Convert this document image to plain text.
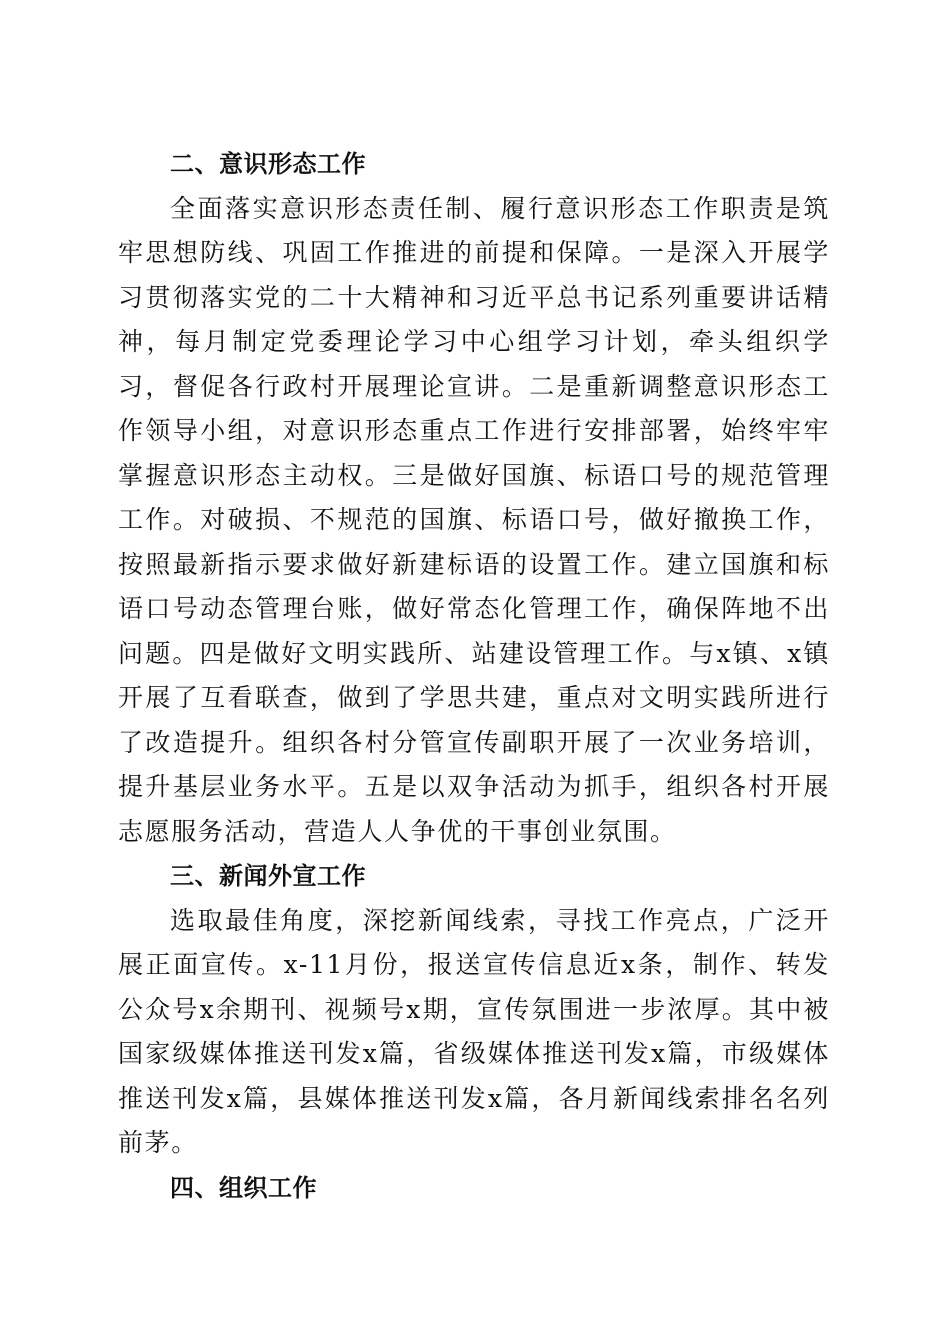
二、意识形态工作

全面落实意识形态责任制、履行意识形态工作职责是筑牢思想防线、巩固工作推进的前提和保障。一是深入开展学习贯彻落实党的二十大精神和习近平总书记系列重要讲话精神，每月制定党委理论学习中心组学习计划，牵头组织学习，督促各行政村开展理论宣讲。二是重新调整意识形态工作领导小组，对意识形态重点工作进行安排部署，始终牢牢掌握意识形态主动权。三是做好国旗、标语口号的规范管理工作。对破损、不规范的国旗、标语口号，做好撤换工作，按照最新指示要求做好新建标语的设置工作。建立国旗和标语口号动态管理台账，做好常态化管理工作，确保阵地不出问题。四是做好文明实践所、站建设管理工作。与x镇、x镇开展了互看联查，做到了学思共建，重点对文明实践所进行了改造提升。组织各村分管宣传副职开展了一次业务培训，提升基层业务水平。五是以双争活动为抓手，组织各村开展志愿服务活动，营造人人争优的干事创业氛围。

三、新闻外宣工作

选取最佳角度，深挖新闻线索，寻找工作亮点，广泛开展正面宣传。x-11月份，报送宣传信息近x条，制作、转发公众号x余期刊、视频号x期，宣传氛围进一步浓厚。其中被国家级媒体推送刊发x篇，省级媒体推送刊发x篇，市级媒体推送刊发x篇，县媒体推送刊发x篇，各月新闻线索排名名列前茅。

四、组织工作
